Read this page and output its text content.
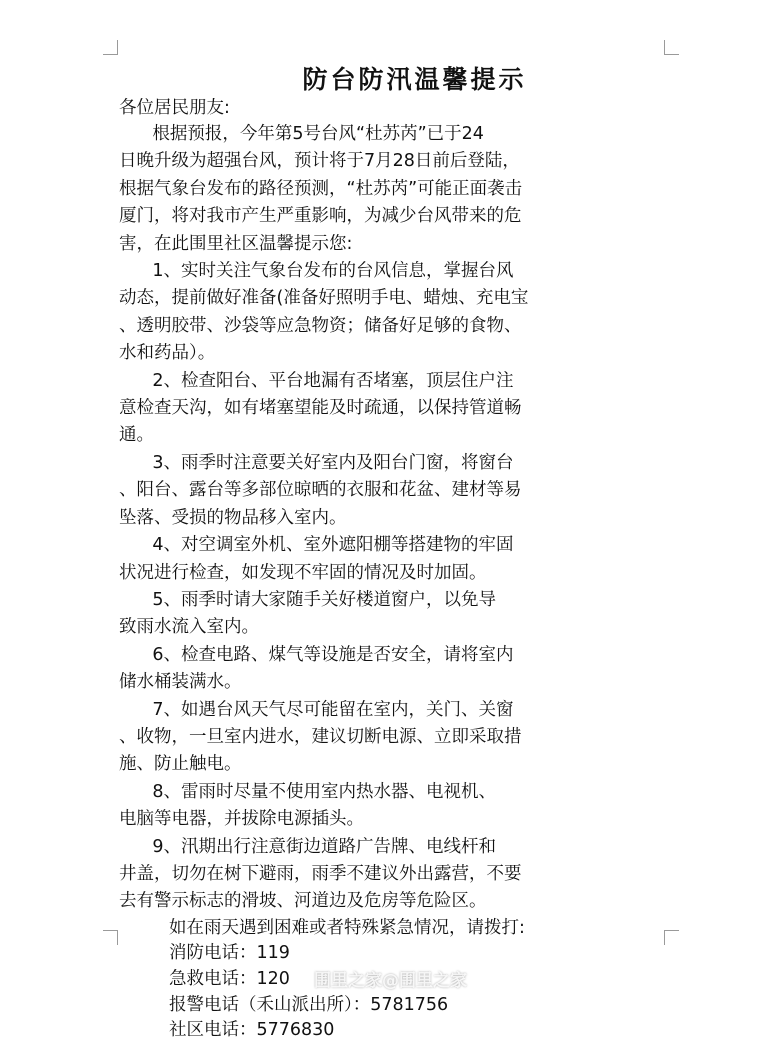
防台防汛温馨提示
各位居民朋友:

根据预报，今年第5号台风“杜苏芮”已于24
日晚升级为超强台风，预计将于7月28日前后登陆，
根据气象台发布的路径预测，“杜苏芮”可能正面袭击
厦门，将对我市产生严重影响，为减少台风带来的危
害，在此围里社区温馨提示您:

1、实时关注气象台发布的台风信息，掌握台风
动态，提前做好准备(准备好照明手电、蜡烛、充电宝
、透明胶带、沙袋等应急物资；储备好足够的食物、
水和药品）。

2、检查阳台、平台地漏有否堵塞，顶层住户注
意检查天沟，如有堵塞望能及时疏通，以保持管道畅
通。

3、雨季时注意要关好室内及阳台门窗，将窗台
、阳台、露台等多部位晾晒的衣服和花盆、建材等易
坠落、受损的物品移入室内。

4、对空调室外机、室外遮阳棚等搭建物的牢固
状况进行检查，如发现不牢固的情况及时加固。

5、雨季时请大家随手关好楼道窗户，以免导
致雨水流入室内。

6、检查电路、煤气等设施是否安全，请将室内
储水桶装满水。

7、如遇台风天气尽可能留在室内，关门、关窗
、收物，一旦室内进水，建议切断电源、立即采取措
施、防止触电。

8、雷雨时尽量不使用室内热水器、电视机、
电脑等电器，并拔除电源插头。

9、汛期出行注意街边道路广告牌、电线杆和
井盖，切勿在树下避雨，雨季不建议外出露营，不要
去有警示标志的滑坡、河道边及危房等危险区。

如在雨天遇到困难或者特殊紧急情况，请拨打:
消防电话：119
急救电话：120
报警电话（禾山派出所）：5781756
社区电话：5776830
围里之家@围里之家
